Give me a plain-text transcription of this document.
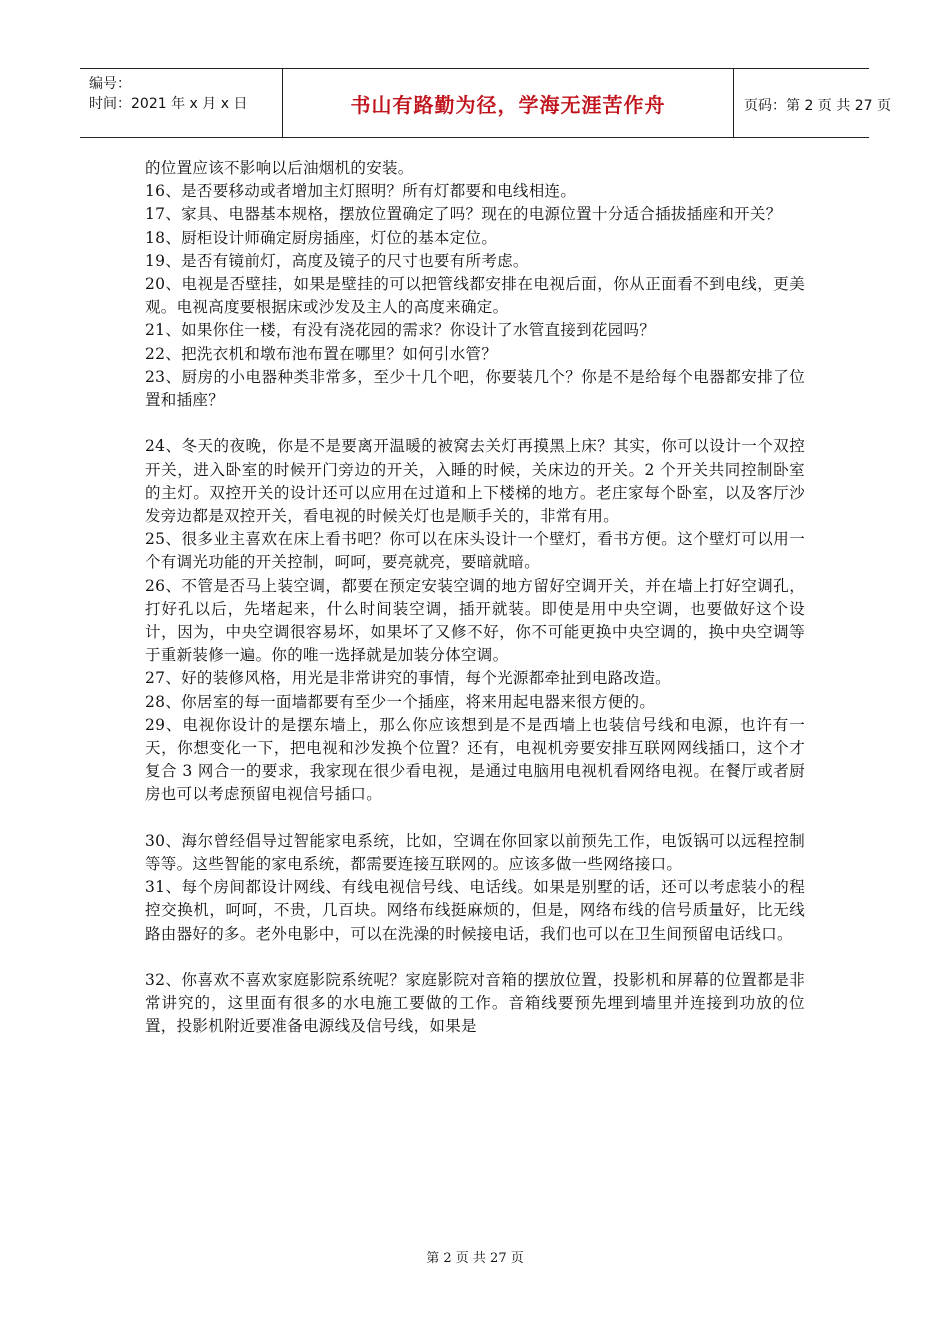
编号：
时间：2021 年 x 月 x 日	书山有路勤为径，学海无涯苦作舟	页码：第 2 页 共 27 页

的位置应该不影响以后油烟机的安装。

16、是否要移动或者增加主灯照明？所有灯都要和电线相连。

17、家具、电器基本规格，摆放位置确定了吗？现在的电源位置十分适合插拔插座和开关？

18、厨柜设计师确定厨房插座，灯位的基本定位。

19、是否有镜前灯，高度及镜子的尺寸也要有所考虑。

20、电视是否壁挂，如果是壁挂的可以把管线都安排在电视后面，你从正面看不到电线，更美观。电视高度要根据床或沙发及主人的高度来确定。

21、如果你住一楼，有没有浇花园的需求？你设计了水管直接到花园吗？

22、把洗衣机和墩布池布置在哪里？如何引水管？

23、厨房的小电器种类非常多，至少十几个吧，你要装几个？你是不是给每个电器都安排了位置和插座？

24、冬天的夜晚，你是不是要离开温暖的被窝去关灯再摸黑上床？其实，你可以设计一个双控开关，进入卧室的时候开门旁边的开关，入睡的时候，关床边的开关。2 个开关共同控制卧室的主灯。双控开关的设计还可以应用在过道和上下楼梯的地方。老庄家每个卧室，以及客厅沙发旁边都是双控开关，看电视的时候关灯也是顺手关的，非常有用。

25、很多业主喜欢在床上看书吧？你可以在床头设计一个壁灯，看书方便。这个壁灯可以用一个有调光功能的开关控制，呵呵，要亮就亮，要暗就暗。

26、不管是否马上装空调，都要在预定安装空调的地方留好空调开关，并在墙上打好空调孔，打好孔以后，先堵起来，什么时间装空调，插开就装。即使是用中央空调，也要做好这个设计，因为，中央空调很容易坏，如果坏了又修不好，你不可能更换中央空调的，换中央空调等于重新装修一遍。你的唯一选择就是加装分体空调。

27、好的装修风格，用光是非常讲究的事情，每个光源都牵扯到电路改造。

28、你居室的每一面墙都要有至少一个插座，将来用起电器来很方便的。

29、电视你设计的是摆东墙上，那么你应该想到是不是西墙上也装信号线和电源，也许有一天，你想变化一下，把电视和沙发换个位置？还有，电视机旁要安排互联网网线插口，这个才复合 3 网合一的要求，我家现在很少看电视，是通过电脑用电视机看网络电视。在餐厅或者厨房也可以考虑预留电视信号插口。

30、海尔曾经倡导过智能家电系统，比如，空调在你回家以前预先工作，电饭锅可以远程控制等等。这些智能的家电系统，都需要连接互联网的。应该多做一些网络接口。

31、每个房间都设计网线、有线电视信号线、电话线。如果是别墅的话，还可以考虑装小的程控交换机，呵呵，不贵，几百块。网络布线挺麻烦的，但是，网络布线的信号质量好，比无线路由器好的多。老外电影中，可以在洗澡的时候接电话，我们也可以在卫生间预留电话线口。

32、你喜欢不喜欢家庭影院系统呢？家庭影院对音箱的摆放位置，投影机和屏幕的位置都是非常讲究的，这里面有很多的水电施工要做的工作。音箱线要预先埋到墙里并连接到功放的位置，投影机附近要准备电源线及信号线，如果是

第 2 页 共 27 页
